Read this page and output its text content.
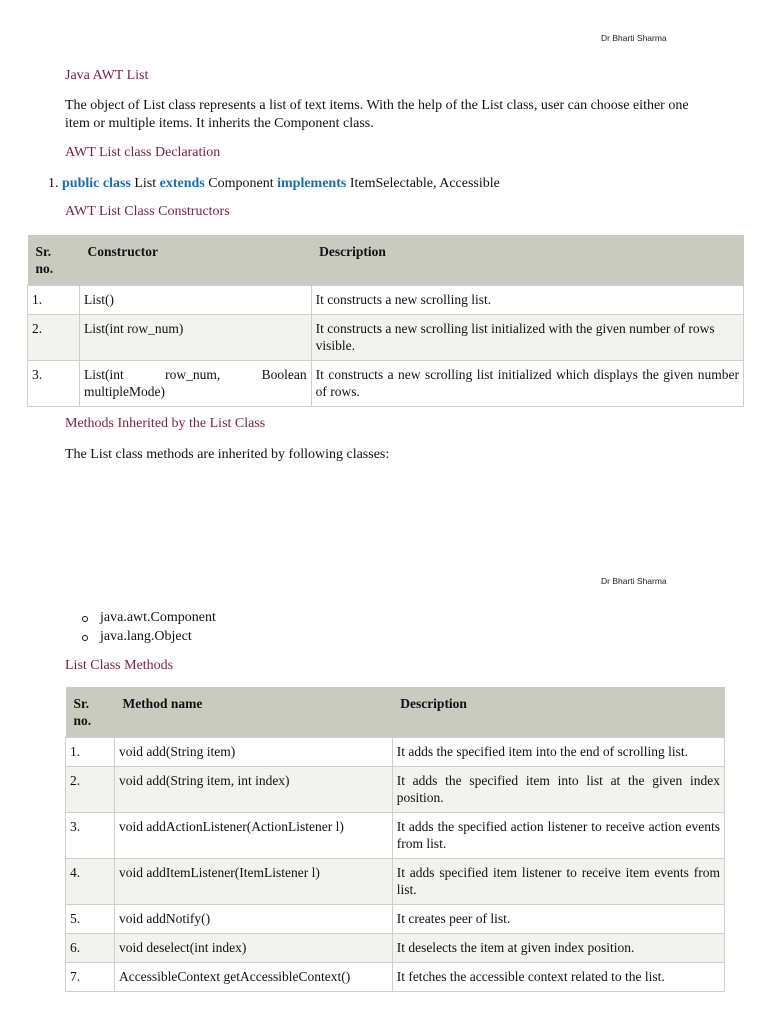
Dr Bharti Sharma
Java AWT List
The object of List class represents a list of text items. With the help of the List class, user can choose either one item or multiple items. It inherits the Component class.
AWT List class Declaration
1. public class List extends Component implements ItemSelectable, Accessible
AWT List Class Constructors
Sr. no.	Constructor	Description
1.	List()	It constructs a new scrolling list.
2.	List(int row_num)	It constructs a new scrolling list initialized with the given number of rows visible.
3.	List(int row_num, Boolean multipleMode)	It constructs a new scrolling list initialized which displays the given number of rows.
Methods Inherited by the List Class
The List class methods are inherited by following classes:
Dr Bharti Sharma
java.awt.Component
java.lang.Object
List Class Methods
Sr. no.	Method name	Description
1.	void add(String item)	It adds the specified item into the end of scrolling list.
2.	void add(String item, int index)	It adds the specified item into list at the given index position.
3.	void addActionListener(ActionListener l)	It adds the specified action listener to receive action events from list.
4.	void addItemListener(ItemListener l)	It adds specified item listener to receive item events from list.
5.	void addNotify()	It creates peer of list.
6.	void deselect(int index)	It deselects the item at given index position.
7.	AccessibleContext getAccessibleContext()	It fetches the accessible context related to the list.
